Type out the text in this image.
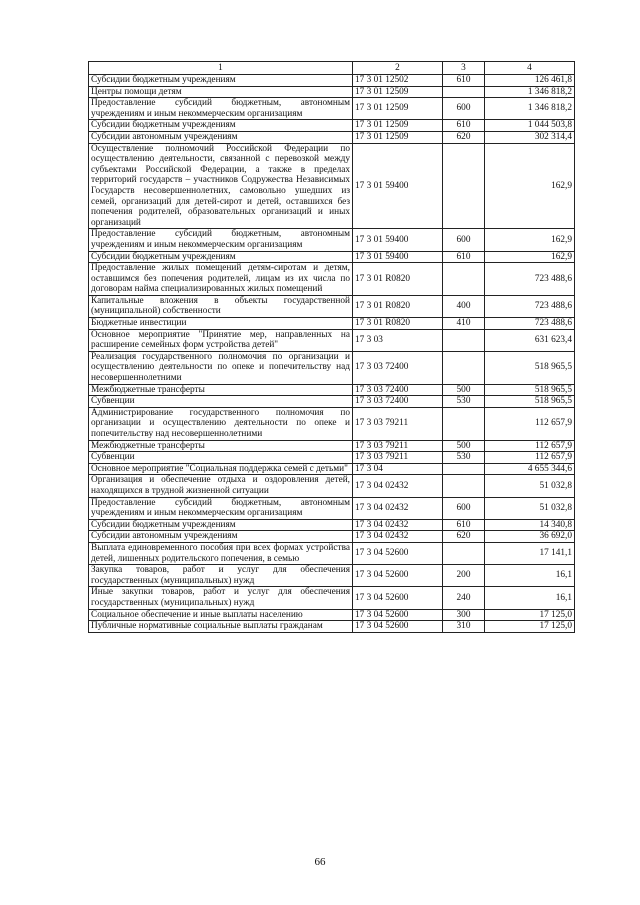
1	2	3	4
Субсидии бюджетным учреждениям	17 3 01 12502	610	126 461,8
Центры помощи детям	17 3 01 12509		1 346 818,2
Предоставление субсидий бюджетным, автономным учреждениям и иным некоммерческим организациям	17 3 01 12509	600	1 346 818,2
Субсидии бюджетным учреждениям	17 3 01 12509	610	1 044 503,8
Субсидии автономным учреждениям	17 3 01 12509	620	302 314,4
Осуществление полномочий Российской Федерации по осуществлению деятельности, связанной с перевозкой между субъектами Российской Федерации, а также в пределах территорий государств – участников Содружества Независимых Государств несовершеннолетних, самовольно ушедших из семей, организаций для детей-сирот и детей, оставшихся без попечения родителей, образовательных организаций и иных организаций	17 3 01 59400		162,9
Предоставление субсидий бюджетным, автономным учреждениям и иным некоммерческим организациям	17 3 01 59400	600	162,9
Субсидии бюджетным учреждениям	17 3 01 59400	610	162,9
Предоставление жилых помещений детям-сиротам и детям, оставшимся без попечения родителей, лицам из их числа по договорам найма специализированных жилых помещений	17 3 01 R0820		723 488,6
Капитальные вложения в объекты государственной (муниципальной) собственности	17 3 01 R0820	400	723 488,6
Бюджетные инвестиции	17 3 01 R0820	410	723 488,6
Основное мероприятие "Принятие мер, направленных на расширение семейных форм устройства детей"	17 3 03		631 623,4
Реализация государственного полномочия по организации и осуществлению деятельности по опеке и попечительству над несовершеннолетними	17 3 03 72400		518 965,5
Межбюджетные трансферты	17 3 03 72400	500	518 965,5
Субвенции	17 3 03 72400	530	518 965,5
Администрирование государственного полномочия по организации и осуществлению деятельности по опеке и попечительству над несовершеннолетними	17 3 03 79211		112 657,9
Межбюджетные трансферты	17 3 03 79211	500	112 657,9
Субвенции	17 3 03 79211	530	112 657,9
Основное мероприятие "Социальная поддержка семей с детьми"	17 3 04		4 655 344,6
Организация и обеспечение отдыха и оздоровления детей, находящихся в трудной жизненной ситуации	17 3 04 02432		51 032,8
Предоставление субсидий бюджетным, автономным учреждениям и иным некоммерческим организациям	17 3 04 02432	600	51 032,8
Субсидии бюджетным учреждениям	17 3 04 02432	610	14 340,8
Субсидии автономным учреждениям	17 3 04 02432	620	36 692,0
Выплата единовременного пособия при всех формах устройства детей, лишенных родительского попечения, в семью	17 3 04 52600		17 141,1
Закупка товаров, работ и услуг для обеспечения государственных (муниципальных) нужд	17 3 04 52600	200	16,1
Иные закупки товаров, работ и услуг для обеспечения государственных (муниципальных) нужд	17 3 04 52600	240	16,1
Социальное обеспечение и иные выплаты населению	17 3 04 52600	300	17 125,0
Публичные нормативные социальные выплаты гражданам	17 3 04 52600	310	17 125,0
66
